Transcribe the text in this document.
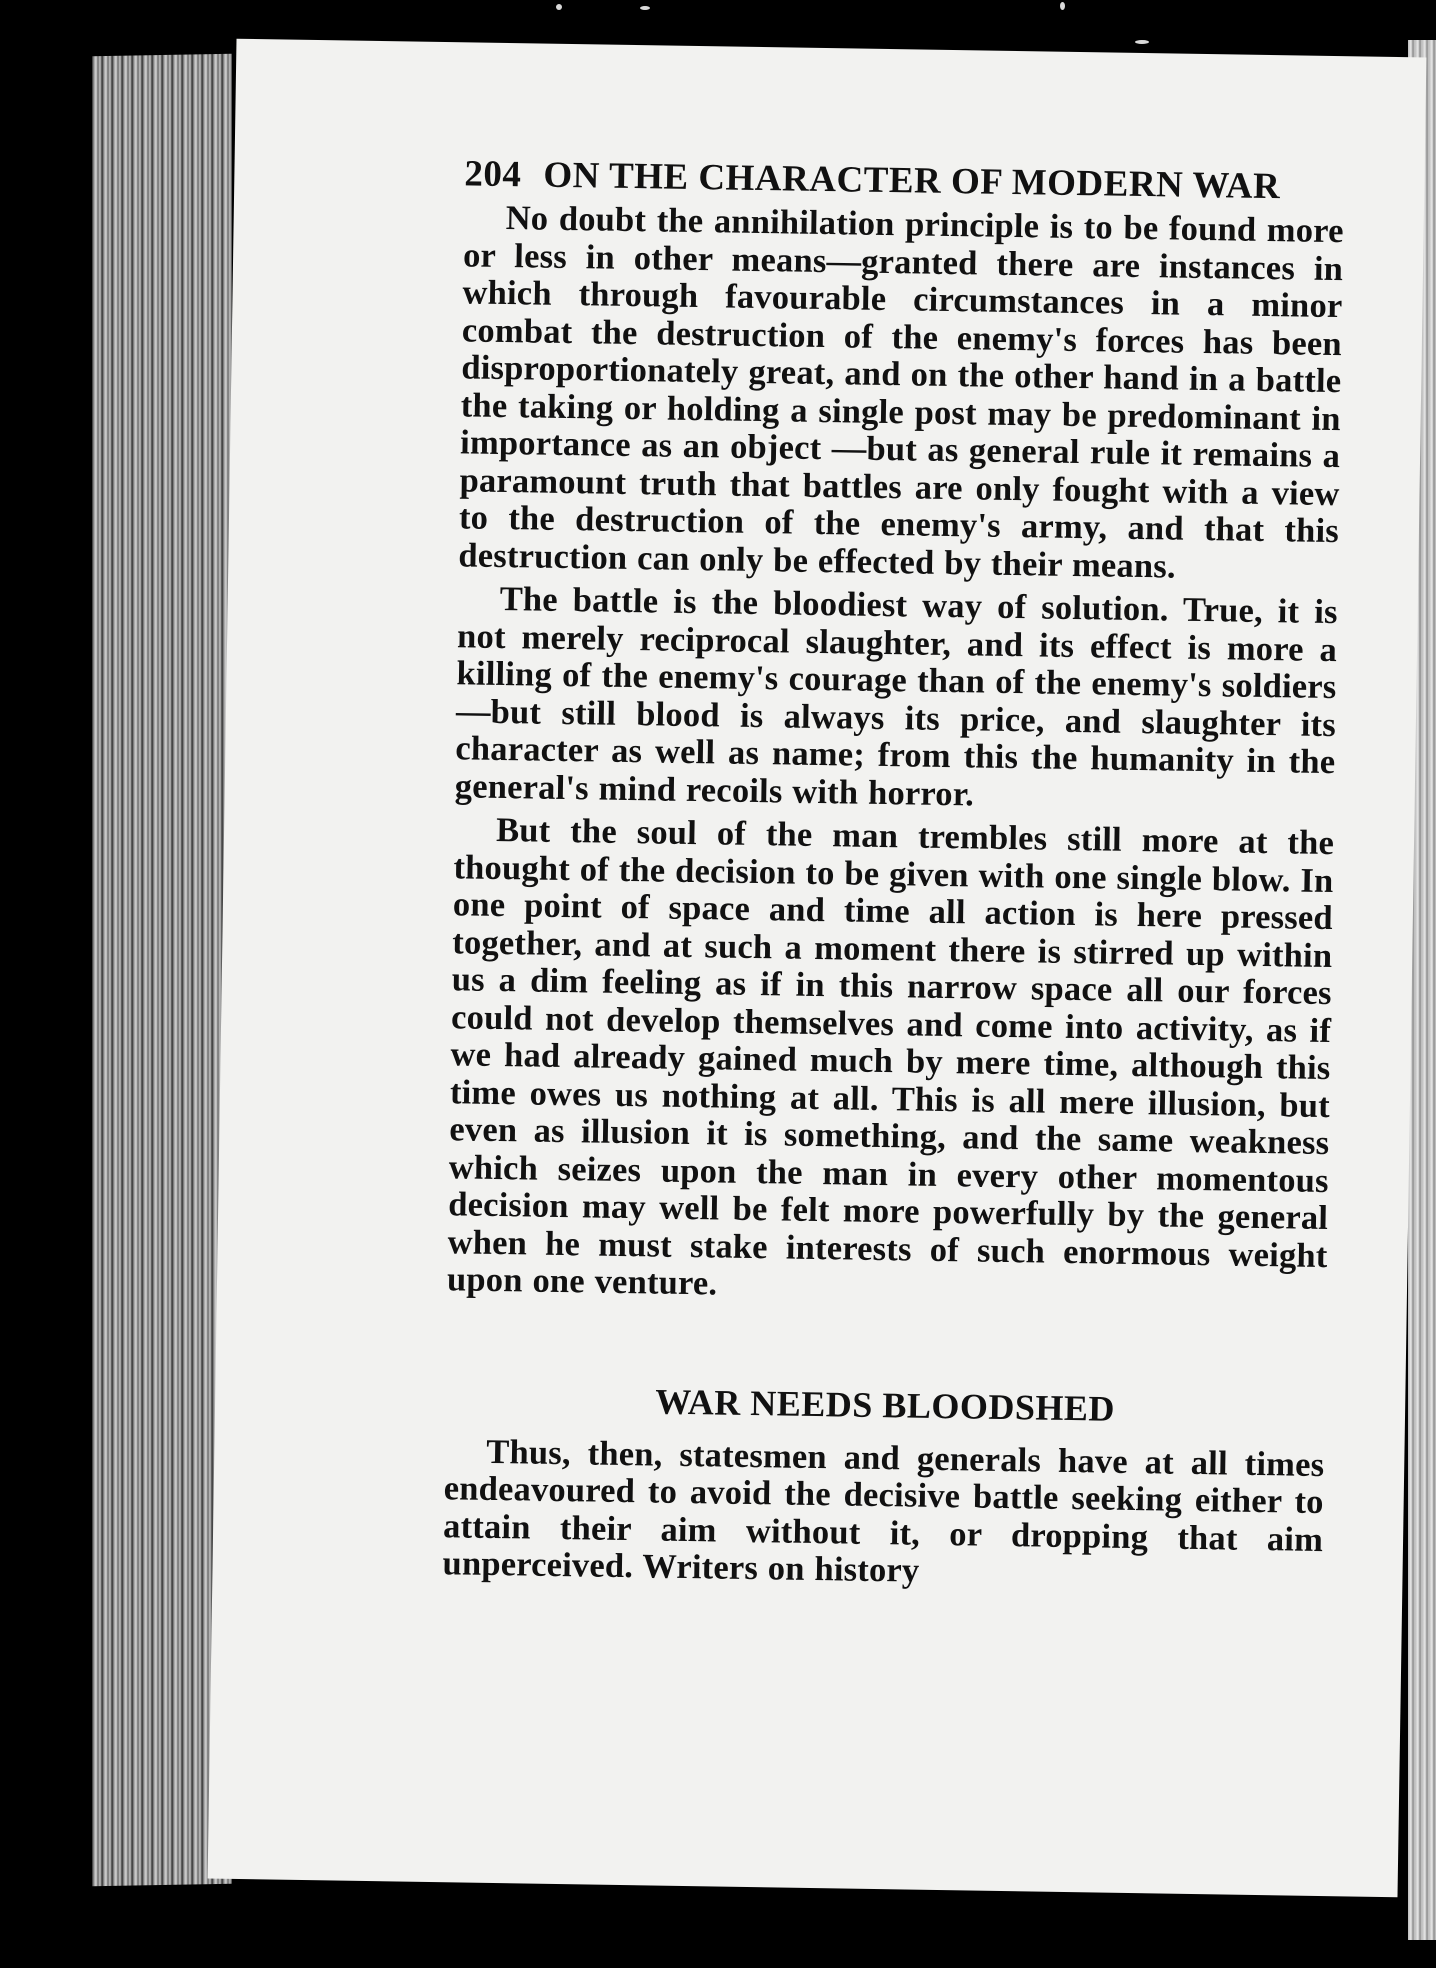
204 ON THE CHARACTER OF MODERN WAR

No doubt the annihilation principle is to be found more or less in other means—granted there are instances in which through favourable circumstances in a minor combat the destruction of the enemy's forces has been disproportionately great, and on the other hand in a battle the taking or holding a single post may be predominant in importance as an object —but as general rule it remains a paramount truth that battles are only fought with a view to the destruction of the enemy's army, and that this destruction can only be effected by their means.

The battle is the bloodiest way of solution. True, it is not merely reciprocal slaughter, and its effect is more a killing of the enemy's courage than of the enemy's soldiers—but still blood is always its price, and slaughter its character as well as name; from this the humanity in the general's mind recoils with horror.

But the soul of the man trembles still more at the thought of the decision to be given with one single blow. In one point of space and time all action is here pressed together, and at such a moment there is stirred up within us a dim feeling as if in this narrow space all our forces could not develop themselves and come into activity, as if we had already gained much by mere time, although this time owes us nothing at all. This is all mere illusion, but even as illusion it is something, and the same weakness which seizes upon the man in every other momentous decision may well be felt more powerfully by the general when he must stake interests of such enormous weight upon one venture.

WAR NEEDS BLOODSHED

Thus, then, statesmen and generals have at all times endeavoured to avoid the decisive battle seeking either to attain their aim without it, or dropping that aim unperceived. Writers on history
